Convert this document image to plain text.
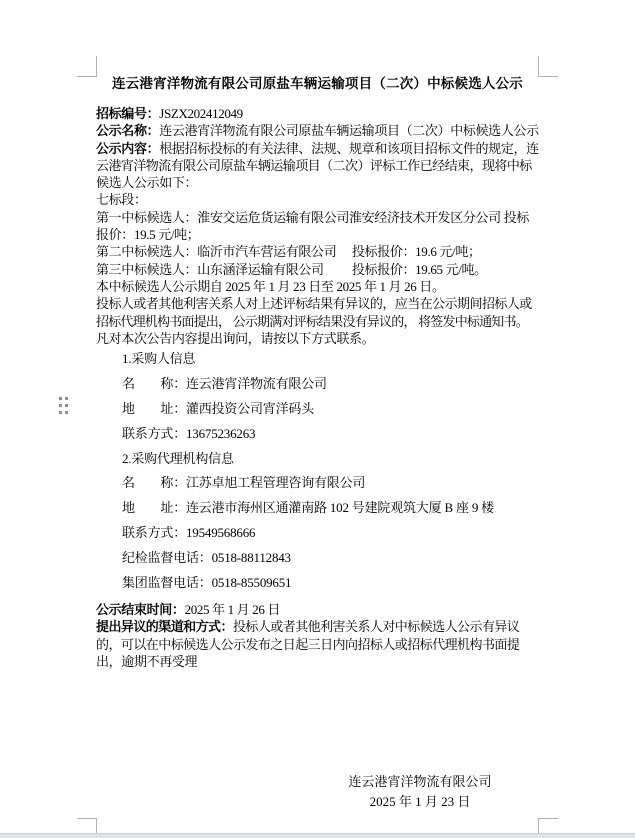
连云港宵洋物流有限公司原盐车辆运输项目（二次）中标候选人公示
招标编号：JSZX202412049
公示名称：连云港宵洋物流有限公司原盐车辆运输项目（二次）中标候选人公示
公示内容：根据招标投标的有关法律、法规、规章和该项目招标文件的规定，连
云港宵洋物流有限公司原盐车辆运输项目（二次）评标工作已经结束，现将中标
候选人公示如下：
七标段：
第一中标候选人：淮安交运危货运输有限公司淮安经济技术开发区分公司 投标
报价：19.5 元/吨；
第二中标候选人：临沂市汽车营运有限公司　 投标报价：19.6 元/吨；
第三中标候选人：山东涵泽运输有限公司　　 投标报价：19.65 元/吨。
本中标候选人公示期自 2025 年 1 月 23 日至 2025 年 1 月 26 日。
投标人或者其他利害关系人对上述评标结果有异议的，应当在公示期间招标人或
招标代理机构书面提出， 公示期满对评标结果没有异议的， 将签发中标通知书。
凡对本次公告内容提出询问，请按以下方式联系。
1.采购人信息
名　　称：连云港宵洋物流有限公司
地　　址：灌西投资公司宵洋码头
联系方式：13675236263
2.采购代理机构信息
名　　称：江苏卓旭工程管理咨询有限公司
地　　址：连云港市海州区通灌南路 102 号建院观筑大厦 B 座 9 楼
联系方式：19549568666
纪检监督电话：0518-88112843
集团监督电话：0518-85509651
公示结束时间：2025 年 1 月 26 日
提出异议的渠道和方式：投标人或者其他利害关系人对中标候选人公示有异议
的，可以在中标候选人公示发布之日起三日内向招标人或招标代理机构书面提
出，逾期不再受理
连云港宵洋物流有限公司
2025 年 1 月 23 日
